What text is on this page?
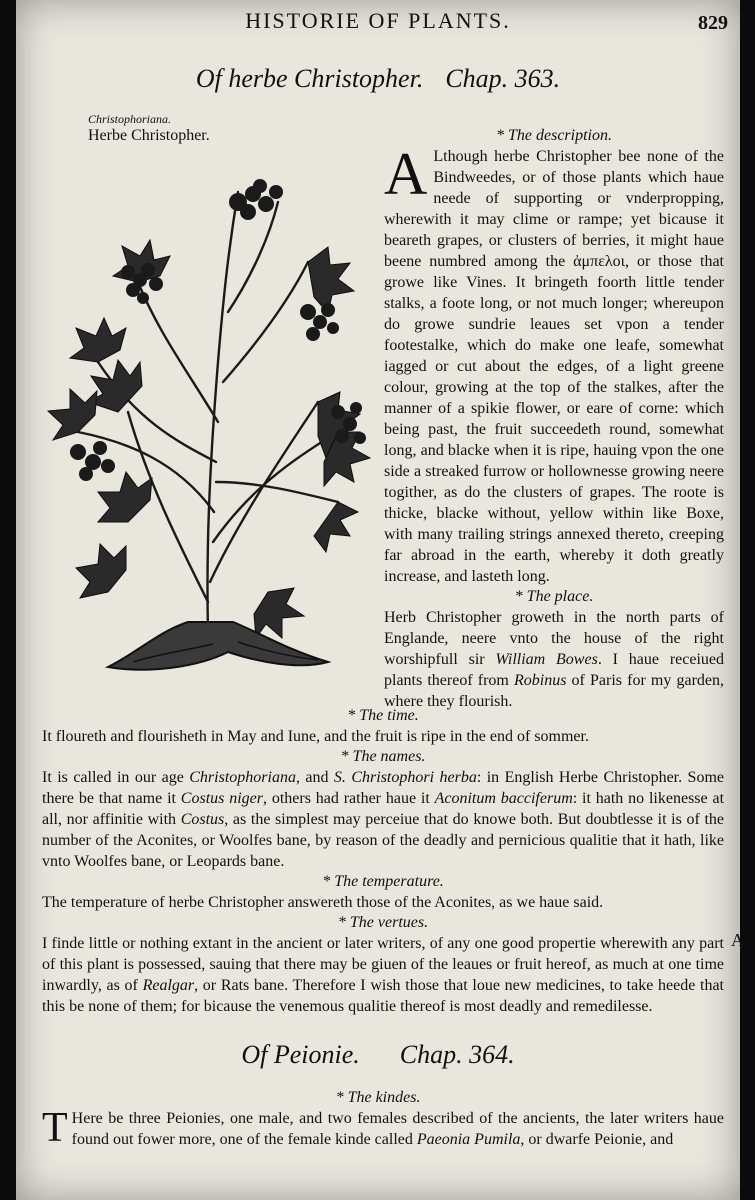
HISTORIE OF PLANTS.	829
Of herbe Christopher. Chap. 363.
Christophoriana.
Herbe Christopher.	* The description.

A Lthough herbe Christopher bee none of the Bindweedes, or of those plants which haue neede of supporting or vnderpropping, wherewith it may clime or rampe; yet bicause it beareth grapes, or clusters of berries, it might haue beene numbred among the ἀμπελοι, or those that growe like Vines. It bringeth foorth little tender stalks, a foote long, or not much longer; whereupon do growe sundrie leaues set vpon a tender footestalke, which do make one leafe, somewhat iagged or cut about the edges, of a light greene colour, growing at the top of the stalkes, after the manner of a spikie flower, or eare of corne: which being past, the fruit succeedeth round, somewhat long, and blacke when it is ripe, hauing vpon the one side a streaked furrow or hollownesse growing neere togither, as do the clusters of grapes. The roote is thicke, blacke without, yellow within like Boxe, with many trailing strings annexed thereto, creeping far abroad in the earth, whereby it doth greatly increase, and lasteth long.

* The place.

Herb Christopher groweth in the north parts of Englande, neere vnto the house of the right worshipfull sir William Bowes. I haue receiued plants thereof from Robinus of Paris for my garden, where they flourish.

* The time.

It floureth and flourisheth in May and Iune, and the fruit is ripe in the end of sommer.

* The names.

It is called in our age Christophoriana, and S. Christophori herba: in English Herbe Christopher. Some there be that name it Costus niger, others had rather haue it Aconitum bacciferum: it hath no likenesse at all, nor affinitie with Costus, as the simplest may perceiue that do knowe both. But doubtlesse it is of the number of the Aconites, or Woolfes bane, by reason of the deadly and pernicious qualitie that it hath, like vnto Woolfes bane, or Leopards bane.

* The temperature.

The temperature of herbe Christopher answereth those of the Aconites, as we haue said.

* The vertues.

I finde little or nothing extant in the ancient or later writers, of any one good propertie wherewith any part of this plant is possessed, sauing that there may be giuen of the leaues or fruit hereof, as much at one time inwardly, as of Realgar, or Rats bane. Therefore I wish those that loue new medicines, to take heede that this be none of them; for bicause the venemous qualitie thereof is most deadly and remedilesse.

A
Of Peionie. Chap. 364.

* The kindes.

T Here be three Peionies, one male, and two females described of the ancients, the later writers haue found out fower more, one of the female kinde called Paeonia Pumila, or dwarfe Peionie, and
